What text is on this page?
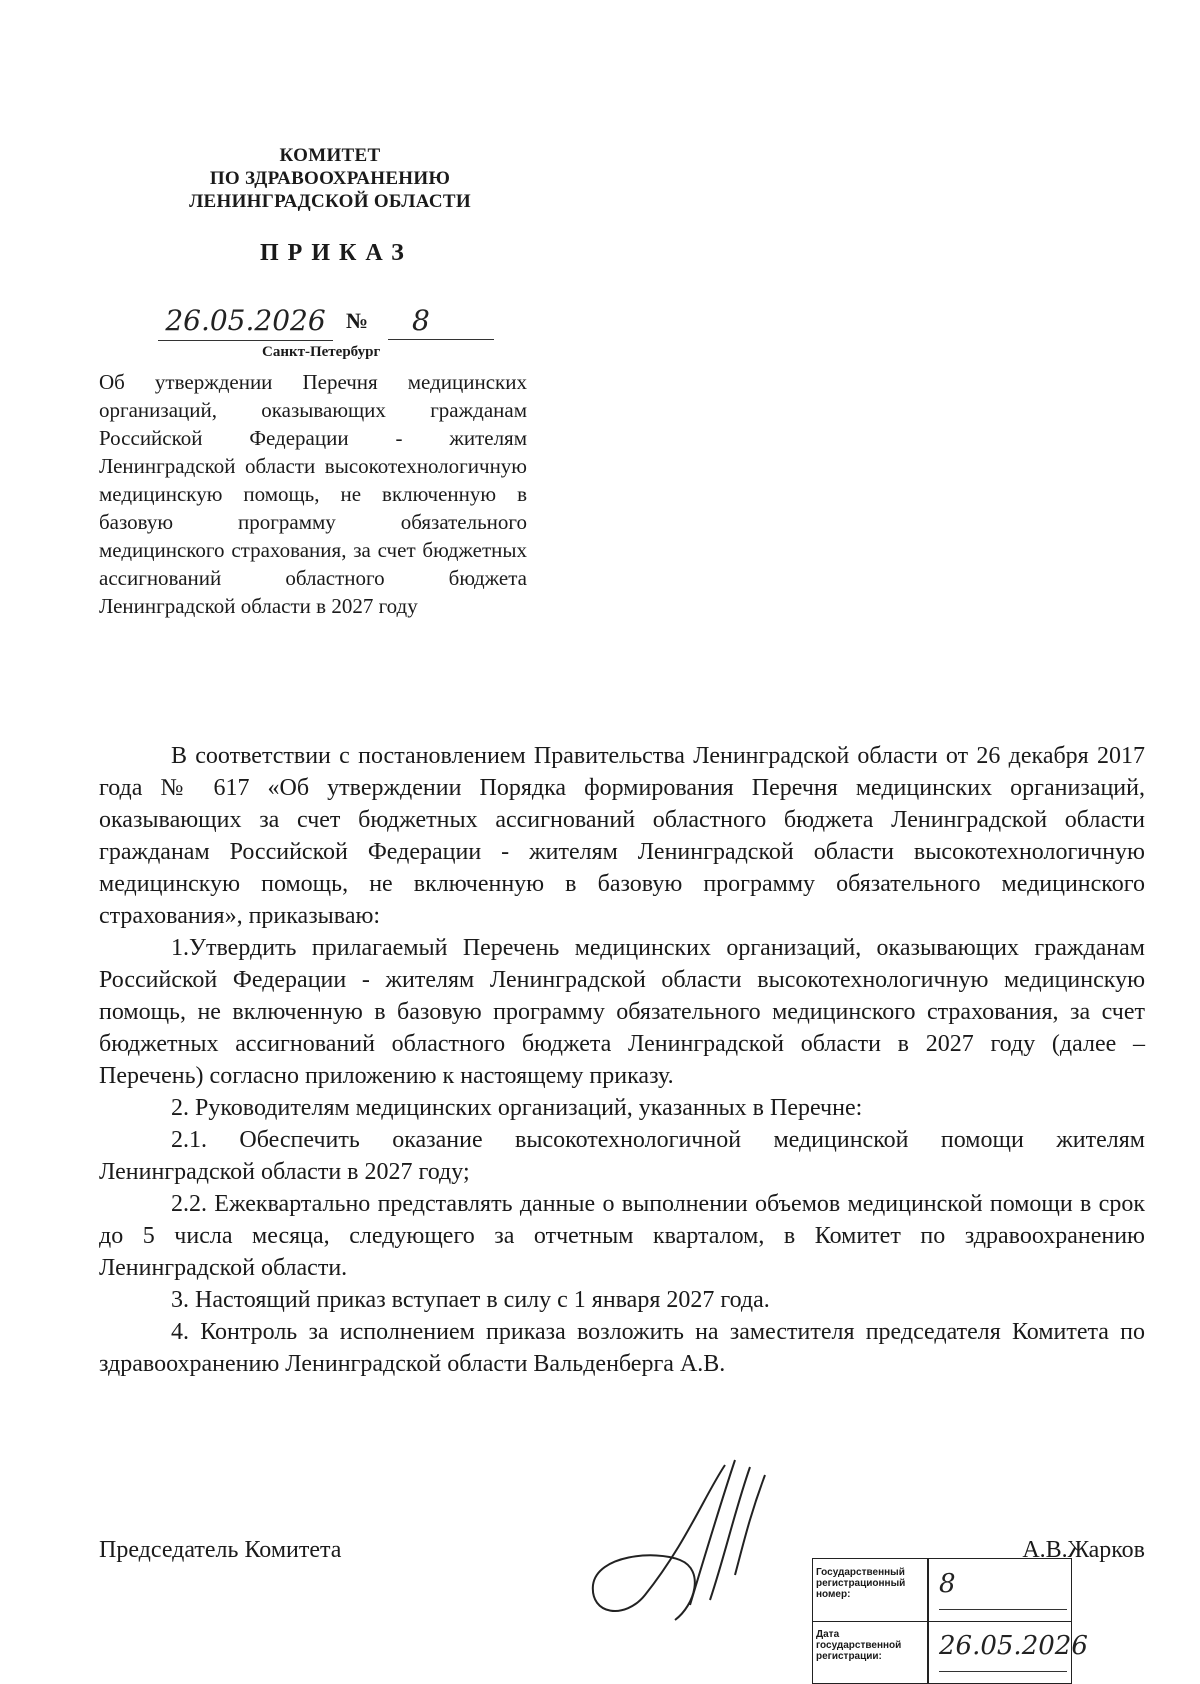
КОМИТЕТ
ПО ЗДРАВООХРАНЕНИЮ
ЛЕНИНГРАДСКОЙ ОБЛАСТИ
ПРИКАЗ
26.05.2026 №	8
Санкт-Петербург
Об утверждении Перечня медицинских организаций, оказывающих гражданам Российской Федерации - жителям Ленинградской области высокотехнологичную медицинскую помощь, не включенную в базовую программу обязательного медицинского страхования, за счет бюджетных ассигнований областного бюджета Ленинградской области в 2027 году

В соответствии с постановлением Правительства Ленинградской области от 26 декабря 2017 года № 617 «Об утверждении Порядка формирования Перечня медицинских организаций, оказывающих за счет бюджетных ассигнований областного бюджета Ленинградской области гражданам Российской Федерации - жителям Ленинградской области высокотехнологичную медицинскую помощь, не включенную в базовую программу обязательного медицинского страхования», приказываю:

1.Утвердить прилагаемый Перечень медицинских организаций, оказывающих гражданам Российской Федерации - жителям Ленинградской области высокотехнологичную медицинскую помощь, не включенную в базовую программу обязательного медицинского страхования, за счет бюджетных ассигнований областного бюджета Ленинградской области в 2027 году (далее – Перечень) согласно приложению к настоящему приказу.

2. Руководителям медицинских организаций, указанных в Перечне:

2.1. Обеспечить оказание высокотехнологичной медицинской помощи жителям Ленинградской области в 2027 году;

2.2. Ежеквартально представлять данные о выполнении объемов медицинской помощи в срок до 5 числа месяца, следующего за отчетным кварталом, в Комитет по здравоохранению Ленинградской области.

3. Настоящий приказ вступает в силу с 1 января 2027 года.

4. Контроль за исполнением приказа возложить на заместителя председателя Комитета по здравоохранению Ленинградской области Вальденберга А.В.

Председатель Комитета	А.В.Жарков
Государственный регистрационный номер:	8
Дата государственной регистрации:	26.05.2026
